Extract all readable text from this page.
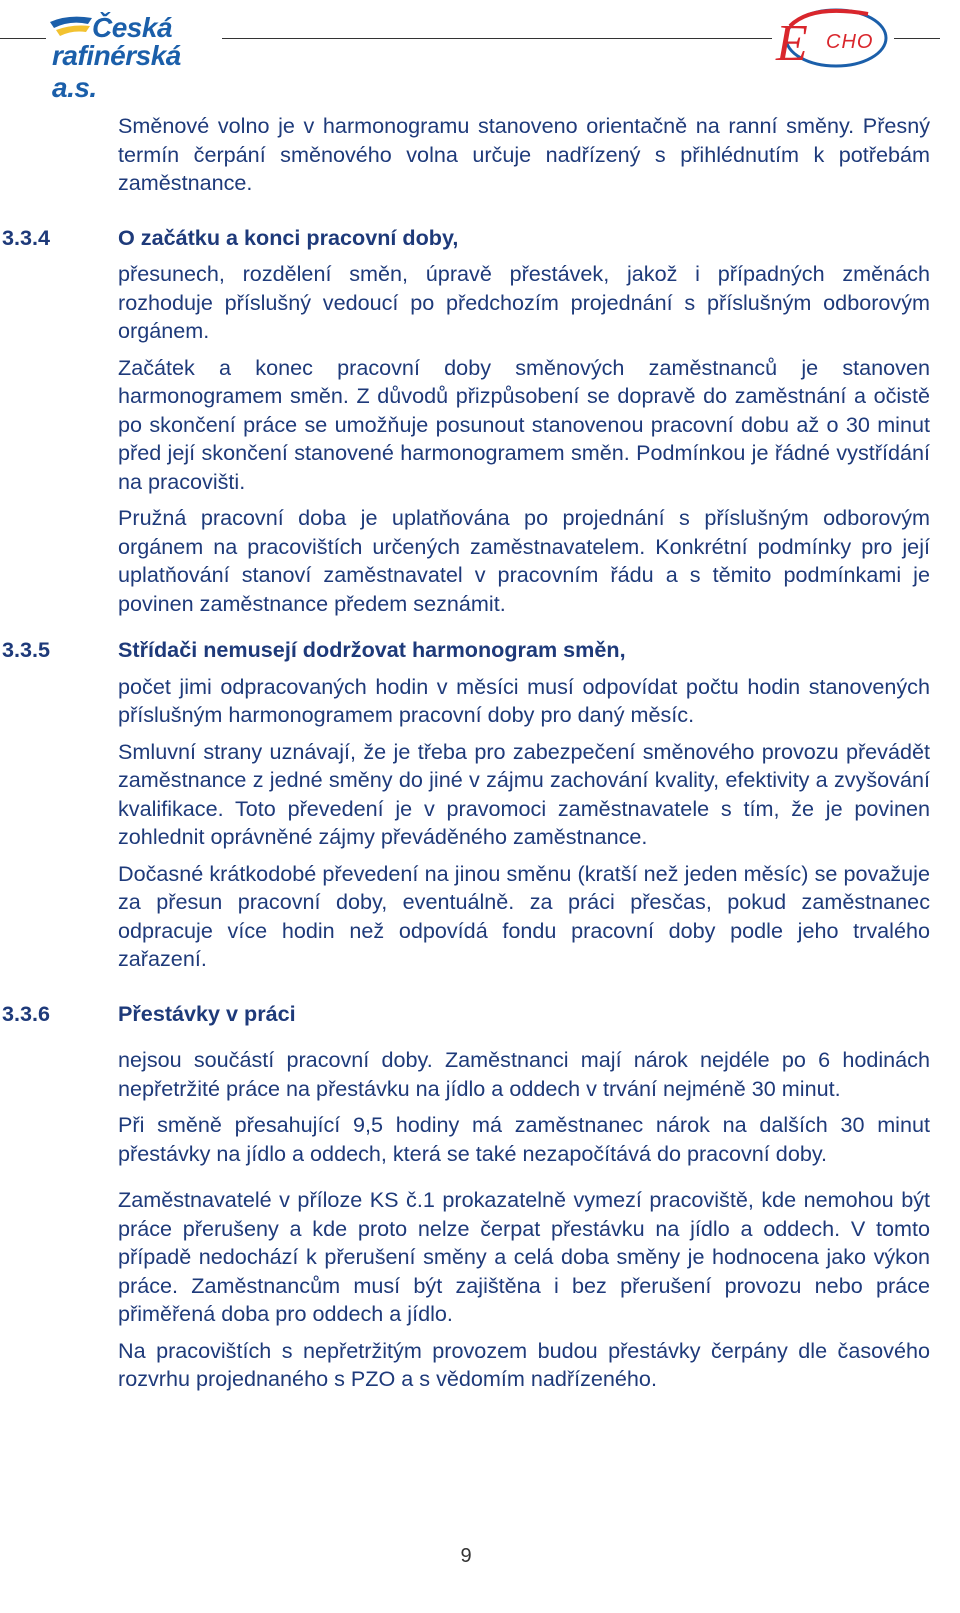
Česká
rafinérská a.s.
E CHO

Směnové volno je v harmonogramu stanoveno orientačně na ranní směny. Přesný termín čerpání směnového volna určuje nadřízený s přihlédnutím k potřebám zaměstnance.

3.3.4	O začátku a konci pracovní doby,

přesunech, rozdělení směn, úpravě přestávek, jakož i případných změnách rozhoduje příslušný vedoucí po předchozím projednání s příslušným odborovým orgánem.

Začátek a konec pracovní doby směnových zaměstnanců je stanoven harmonogramem směn. Z důvodů přizpůsobení se dopravě do zaměstnání a očistě po skončení práce se umožňuje posunout stanovenou pracovní dobu až o 30 minut před její skončení stanovené harmonogramem směn. Podmínkou je řádné vystřídání na pracovišti.

Pružná pracovní doba je uplatňována po projednání s příslušným odborovým orgánem na pracovištích určených zaměstnavatelem. Konkrétní podmínky pro její uplatňování stanoví zaměstnavatel v pracovním řádu a s těmito podmínkami je povinen zaměstnance předem seznámit.

3.3.5	Střídači nemusejí dodržovat harmonogram směn,

počet jimi odpracovaných hodin v měsíci musí odpovídat počtu hodin stanovených příslušným harmonogramem pracovní doby pro daný měsíc.

Smluvní strany uznávají, že je třeba pro zabezpečení směnového provozu převádět zaměstnance z jedné směny do jiné v zájmu zachování kvality, efektivity a zvyšování kvalifikace. Toto převedení je v pravomoci zaměstnavatele s tím, že je povinen zohlednit oprávněné zájmy převáděného zaměstnance.

Dočasné krátkodobé převedení na jinou směnu (kratší než jeden měsíc) se považuje za přesun pracovní doby, eventuálně. za práci přesčas, pokud zaměstnanec odpracuje více hodin než odpovídá fondu pracovní doby podle jeho trvalého zařazení.

3.3.6	Přestávky v práci

nejsou součástí pracovní doby. Zaměstnanci mají nárok nejdéle po 6 hodinách nepřetržité práce na přestávku na jídlo a oddech v trvání nejméně 30 minut.

Při směně přesahující 9,5 hodiny má zaměstnanec nárok na dalších 30 minut přestávky na jídlo a oddech, která se také nezapočítává do pracovní doby.

Zaměstnavatelé v příloze KS č.1 prokazatelně vymezí pracoviště, kde nemohou být práce přerušeny a kde proto nelze čerpat přestávku na jídlo a oddech. V tomto případě nedochází k přerušení směny a celá doba směny je hodnocena jako výkon práce. Zaměstnancům musí být zajištěna i bez přerušení provozu nebo práce přiměřená doba pro oddech a jídlo.

Na pracovištích s nepřetržitým provozem budou přestávky čerpány dle časového rozvrhu projednaného s PZO a s vědomím nadřízeného.

9
